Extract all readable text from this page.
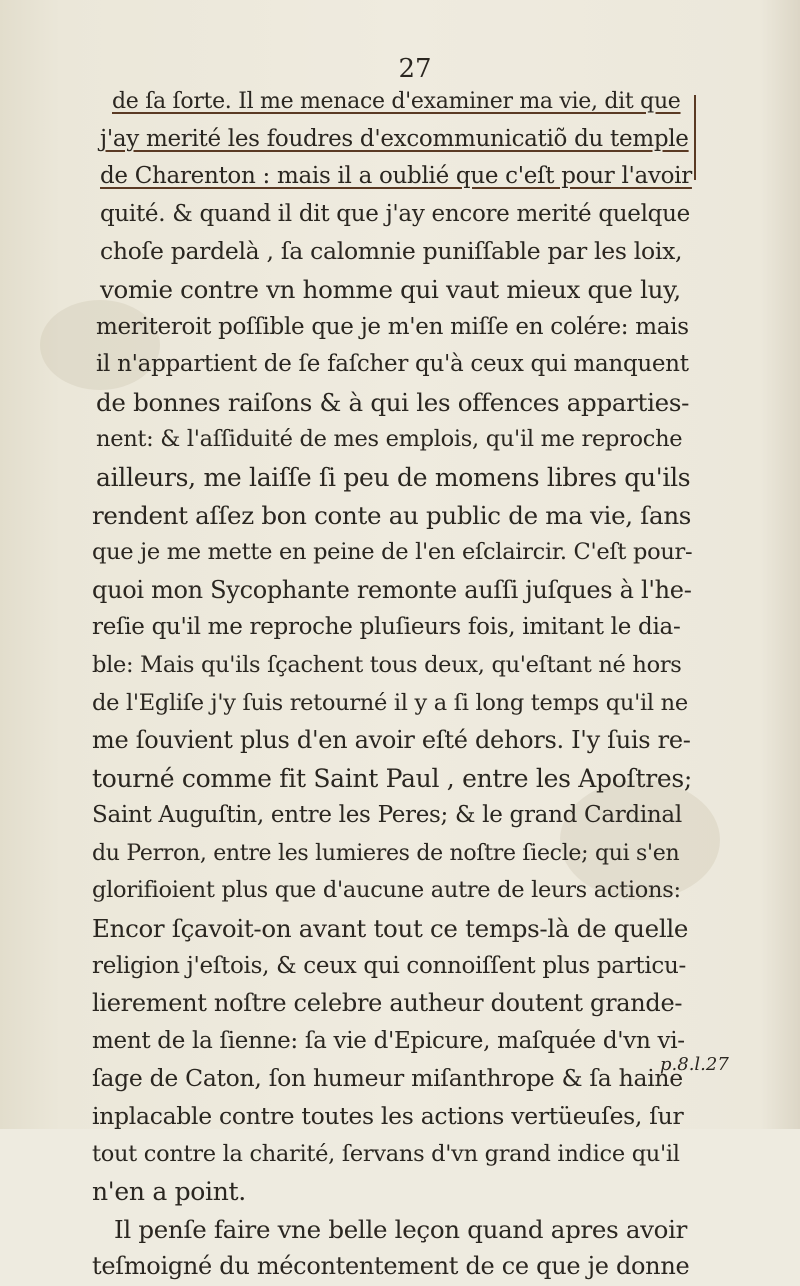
27
de ſa ſorte. Il me menace d'examiner ma vie, dit que
j'ay merité les foudres d'excommunicatiõ du temple
de Charenton : mais il a oublié que c'eſt pour l'avoir
quité. & quand il dit que j'ay encore merité quelque
choſe pardelà , ſa calomnie puniſſable par les loix,
vomie contre vn homme qui vaut mieux que luy,
meriteroit poſſible que je m'en miſſe en colére: mais
il n'appartient de ſe faſcher qu'à ceux qui manquent
de bonnes raiſons & à qui les offences apparties-
nent: & l'aſſiduité de mes emplois, qu'il me reproche
ailleurs, me laiſſe ſi peu de momens libres qu'ils
rendent aſſez bon conte au public de ma vie, ſans
que je me mette en peine de l'en eſclaircir. C'eſt pour-
quoi mon Sycophante remonte auſſi juſques à l'he-
reſie qu'il me reproche pluſieurs fois, imitant le dia-
ble: Mais qu'ils ſçachent tous deux, qu'eſtant né hors
de l'Egliſe j'y ſuis retourné il y a ſi long temps qu'il ne
me ſouvient plus d'en avoir eſté dehors. I'y ſuis re-
tourné comme fit Saint Paul , entre les Apoſtres;
Saint Auguſtin, entre les Peres; & le grand Cardinal
du Perron, entre les lumieres de noſtre ſiecle; qui s'en
glorifioient plus que d'aucune autre de leurs actions:
Encor ſçavoit-on avant tout ce temps-là de quelle
religion j'eſtois, & ceux qui connoiſſent plus particu-
lierement noſtre celebre autheur doutent grande-
ment de la ſienne: ſa vie d'Epicure, maſquée d'vn vi-
ſage de Caton, ſon humeur miſanthrope & ſa haine
inplacable contre toutes les actions vertüeuſes, ſur
tout contre la charité, ſervans d'vn grand indice qu'il
n'en a point.
Il penſe faire vne belle leçon quand apres avoir
teſmoigné du mécontentement de ce que je donne
p.8.l.27
